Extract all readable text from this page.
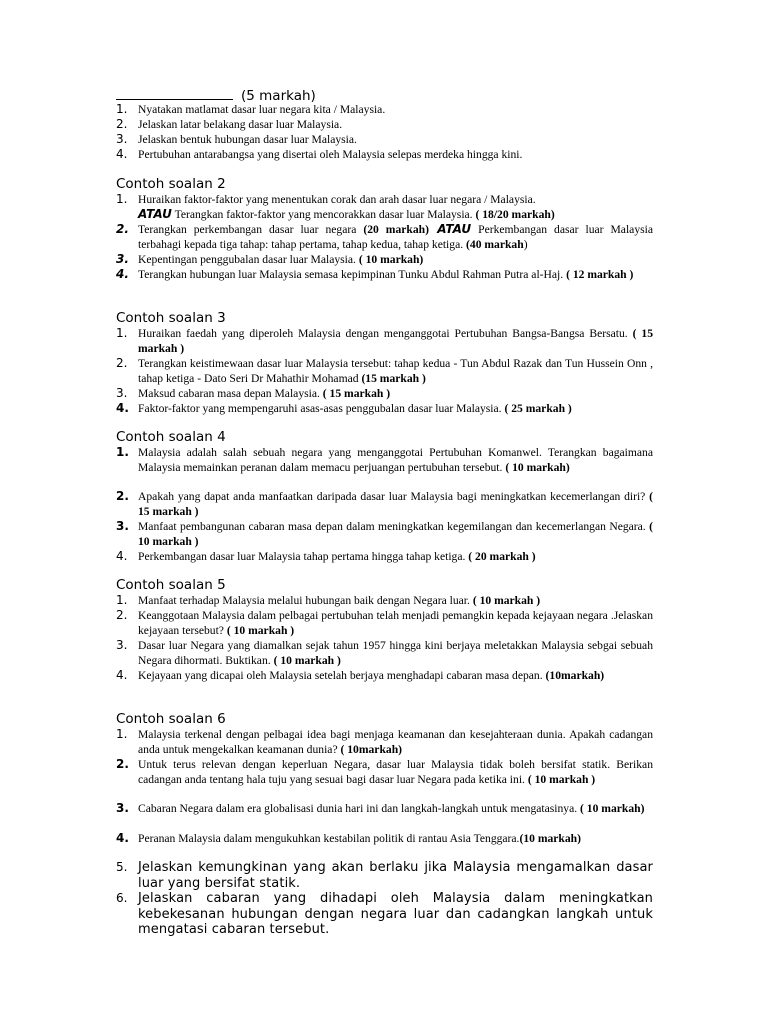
(5 markah)
1. Nyatakan matlamat dasar luar negara kita / Malaysia.
2. Jelaskan latar belakang dasar luar Malaysia.
3. Jelaskan bentuk hubungan dasar luar Malaysia.
4. Pertubuhan antarabangsa yang disertai oleh Malaysia selepas merdeka hingga kini.
Contoh soalan 2
1. Huraikan faktor-faktor yang menentukan corak dan arah dasar luar negara / Malaysia.
ATAU Terangkan faktor-faktor yang mencorakkan dasar luar Malaysia. ( 18/20 markah)
2. Terangkan perkembangan dasar luar negara (20 markah) ATAU Perkembangan dasar luar Malaysia terbahagi kepada tiga tahap: tahap pertama, tahap kedua, tahap ketiga. (40 markah)
3. Kepentingan penggubalan dasar luar Malaysia. ( 10 markah)
4. Terangkan hubungan luar Malaysia semasa kepimpinan Tunku Abdul Rahman Putra al-Haj. ( 12 markah )
Contoh soalan 3
1. Huraikan faedah yang diperoleh Malaysia dengan menganggotai Pertubuhan Bangsa-Bangsa Bersatu. ( 15 markah )
2. Terangkan keistimewaan dasar luar Malaysia tersebut: tahap kedua - Tun Abdul Razak dan Tun Hussein Onn , tahap ketiga - Dato Seri Dr Mahathir Mohamad (15 markah )
3. Maksud cabaran masa depan Malaysia. ( 15 markah )
4. Faktor-faktor yang mempengaruhi asas-asas penggubalan dasar luar Malaysia. ( 25 markah )
Contoh soalan 4
1. Malaysia adalah salah sebuah negara yang menganggotai Pertubuhan Komanwel. Terangkan bagaimana Malaysia memainkan peranan dalam memacu perjuangan pertubuhan tersebut. ( 10 markah)
2. Apakah yang dapat anda manfaatkan daripada dasar luar Malaysia bagi meningkatkan kecemerlangan diri? ( 15 markah )
3. Manfaat pembangunan cabaran masa depan dalam meningkatkan kegemilangan dan kecemerlangan Negara. ( 10 markah )
4. Perkembangan dasar luar Malaysia tahap pertama hingga tahap ketiga. ( 20 markah )
Contoh soalan 5
1. Manfaat terhadap Malaysia melalui hubungan baik dengan Negara luar. ( 10 markah )
2. Keanggotaan Malaysia dalam pelbagai pertubuhan telah menjadi pemangkin kepada kejayaan negara .Jelaskan kejayaan tersebut? ( 10 markah )
3. Dasar luar Negara yang diamalkan sejak tahun 1957 hingga kini berjaya meletakkan Malaysia sebgai sebuah Negara dihormati. Buktikan. ( 10 markah )
4. Kejayaan yang dicapai oleh Malaysia setelah berjaya menghadapi cabaran masa depan. (10markah)
Contoh soalan 6
1. Malaysia terkenal dengan pelbagai idea bagi menjaga keamanan dan kesejahteraan dunia. Apakah cadangan anda untuk mengekalkan keamanan dunia? ( 10markah)
2. Untuk terus relevan dengan keperluan Negara, dasar luar Malaysia tidak boleh bersifat statik. Berikan cadangan anda tentang hala tuju yang sesuai bagi dasar luar Negara pada ketika ini. ( 10 markah )
3. Cabaran Negara dalam era globalisasi dunia hari ini dan langkah-langkah untuk mengatasinya. ( 10 markah)
4. Peranan Malaysia dalam mengukuhkan kestabilan politik di rantau Asia Tenggara.(10 markah)
5. Jelaskan kemungkinan yang akan berlaku jika Malaysia mengamalkan dasar luar yang bersifat statik.
6. Jelaskan cabaran yang dihadapi oleh Malaysia dalam meningkatkan kebekesanan hubungan dengan negara luar dan cadangkan langkah untuk mengatasi cabaran tersebut.
